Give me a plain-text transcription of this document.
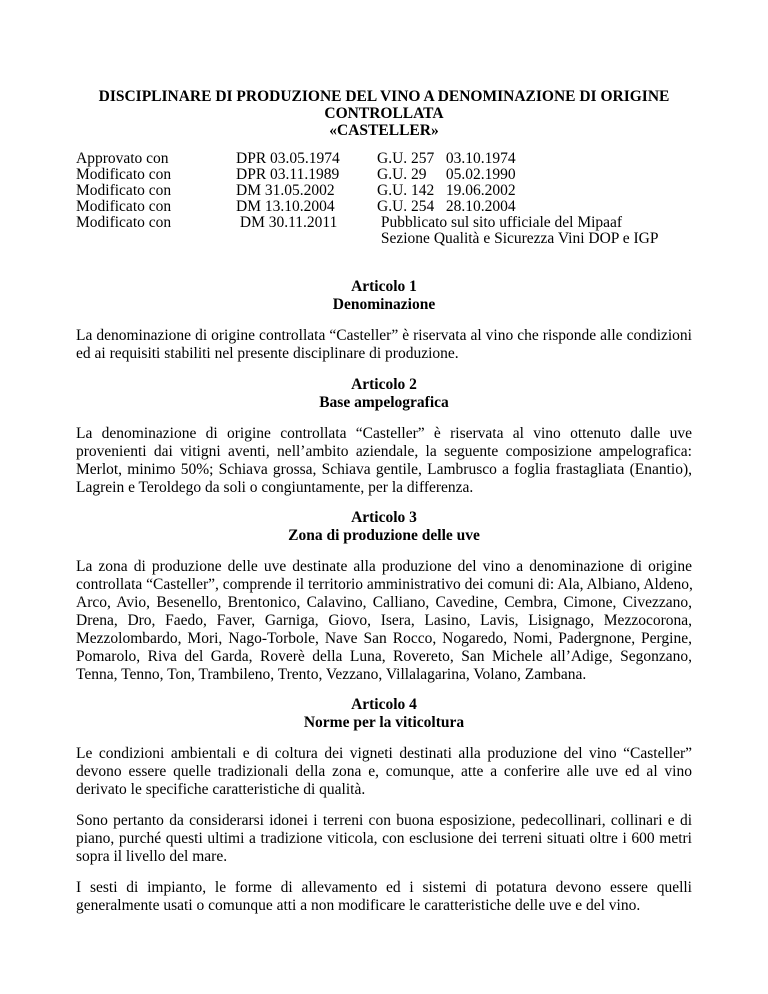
DISCIPLINARE DI PRODUZIONE DEL VINO A DENOMINAZIONE DI ORIGINE
CONTROLLATA
«CASTELLER»
Approvato con	DPR 03.05.1974 G.U. 257   03.10.1974
Modificato con	DPR 03.11.1989 G.U. 29     05.02.1990
Modificato con	DM 31.05.2002	G.U. 142   19.06.2002
Modificato con	DM 13.10.2004	G.U. 254   28.10.2004
Modificato con	DM 30.11.2011	Pubblicato sul sito ufficiale del Mipaaf
Sezione Qualità e Sicurezza Vini DOP e IGP
Articolo 1
Denominazione
La denominazione di origine controllata “Casteller” è riservata al vino che risponde alle condizioni
ed ai requisiti stabiliti nel presente disciplinare di produzione.
Articolo 2
Base ampelografica
La denominazione di origine controllata “Casteller” è riservata al vino ottenuto dalle uve
provenienti dai vitigni aventi, nell’ambito aziendale, la seguente composizione ampelografica:
Merlot, minimo 50%; Schiava grossa, Schiava gentile, Lambrusco a foglia frastagliata (Enantio),
Lagrein e Teroldego da soli o congiuntamente, per la differenza.
Articolo 3
Zona di produzione delle uve
La zona di produzione delle uve destinate alla produzione del vino a denominazione di origine
controllata “Casteller”, comprende il territorio amministrativo dei comuni di: Ala, Albiano, Aldeno,
Arco, Avio, Besenello, Brentonico, Calavino, Calliano, Cavedine, Cembra, Cimone, Civezzano,
Drena, Dro, Faedo, Faver, Garniga, Giovo, Isera, Lasino, Lavis, Lisignago, Mezzocorona,
Mezzolombardo, Mori, Nago-Torbole, Nave San Rocco, Nogaredo, Nomi, Padergnone, Pergine,
Pomarolo, Riva del Garda, Roverè della Luna, Rovereto, San Michele all’Adige, Segonzano,
Tenna, Tenno, Ton, Trambileno, Trento, Vezzano, Villalagarina, Volano, Zambana.
Articolo 4
Norme per la viticoltura
Le condizioni ambientali e di coltura dei vigneti destinati alla produzione del vino “Casteller”
devono essere quelle tradizionali della zona e, comunque, atte a conferire alle uve ed al vino
derivato le specifiche caratteristiche di qualità.
Sono pertanto da considerarsi idonei i terreni con buona esposizione, pedecollinari, collinari e di
piano, purché questi ultimi a tradizione viticola, con esclusione dei terreni situati oltre i 600 metri
sopra il livello del mare.
I sesti di impianto, le forme di allevamento ed i sistemi di potatura devono essere quelli
generalmente usati o comunque atti a non modificare le caratteristiche delle uve e del vino.
